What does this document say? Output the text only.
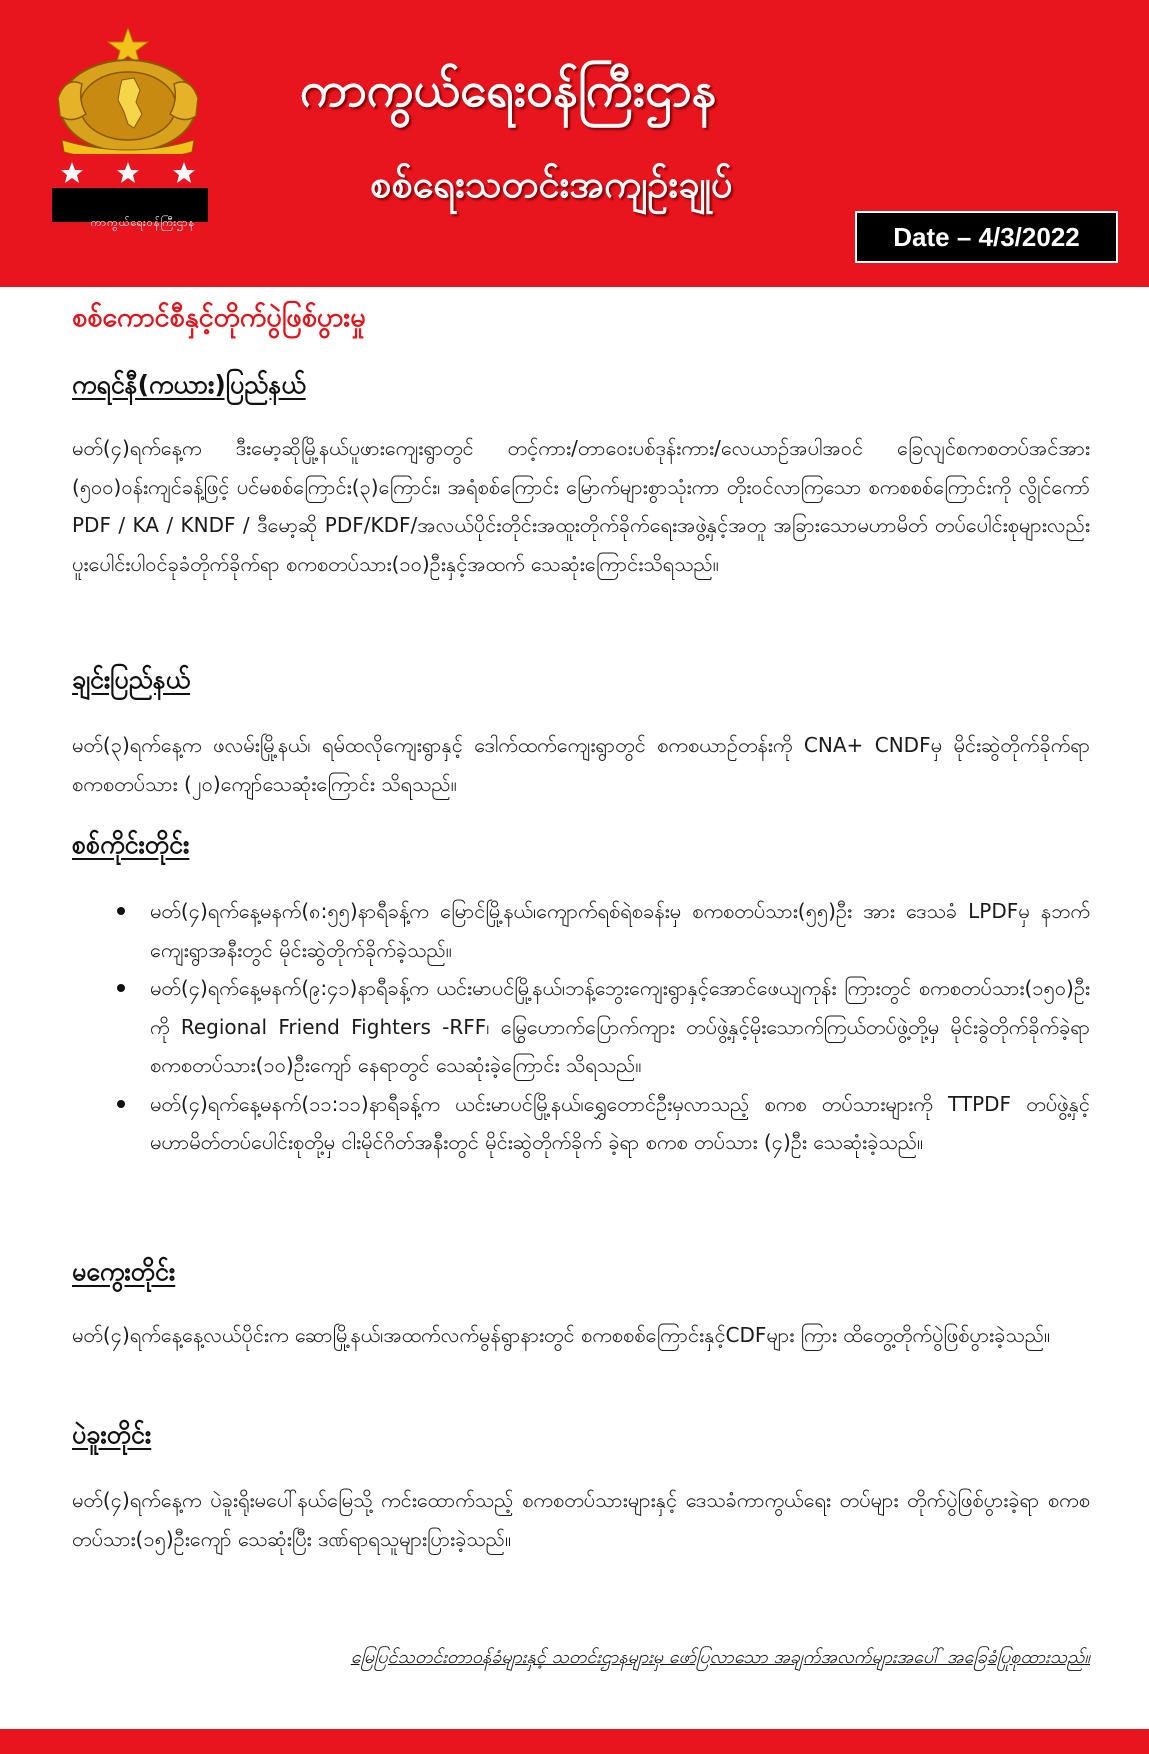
ကာကွယ်ရေးဝန်ကြီးဌာန
ကာကွယ်ရေးဝန်ကြီးဌာန
စစ်ရေးသတင်းအကျဉ်းချုပ်
Date – 4/3/2022
စစ်ကောင်စီနှင့်တိုက်ပွဲဖြစ်ပွားမှု
ကရင်နီ(ကယား)ပြည်နယ်

မတ်(၄)ရက်နေ့က ဒီးမော့ဆိုမြို့နယ်ပူဖားကျေးရွာတွင် တင့်ကား/တာဝေးပစ်ဒုန်းကား/လေယာဉ်အပါအဝင် ခြေလျင်စကစတပ်အင်အား (၅၀၀)ဝန်းကျင်ခန့်ဖြင့် ပင်မစစ်ကြောင်း(၃)ကြောင်း၊ အရံစစ်ကြောင်း မြောက်များစွာသုံးကာ တိုးဝင်လာကြသော စကစစစ်ကြောင်းကို လွိုင်ကော် PDF / KA / KNDF / ဒီမော့ဆို PDF/KDF/အလယ်ပိုင်းတိုင်းအထူးတိုက်ခိုက်ရေးအဖွဲ့နှင့်အတူ အခြားသောမဟာမိတ် တပ်ပေါင်းစုများလည်း ပူးပေါင်းပါဝင်ခုခံတိုက်ခိုက်ရာ စကစတပ်သား(၁၀)ဦးနှင့်အထက် သေဆုံးကြောင်းသိရသည်။

ချင်းပြည်နယ်

မတ်(၃)ရက်နေ့က ဖလမ်းမြို့နယ်၊ ရမ်ထလိုကျေးရွာနှင့် ဒေါက်ထက်ကျေးရွာတွင် စကစယာဉ်တန်းကို CNA+ CNDFမှ မိုင်းဆွဲတိုက်ခိုက်ရာ စကစတပ်သား (၂၀)ကျော်သေဆုံးကြောင်း သိရသည်။

စစ်ကိုင်းတိုင်း
မတ်(၄)ရက်နေ့မနက်(၈:၅၅)နာရီခန့်က မြောင်မြို့နယ်၊ကျောက်ရစ်ရဲစခန်းမှ စကစတပ်သား(၅၅)ဦး အား ဒေသခံ LPDFမှ နဘက်ကျေးရွာအနီးတွင် မိုင်းဆွဲတိုက်ခိုက်ခဲ့သည်။
မတ်(၄)ရက်နေ့မနက်(၉:၄၁)နာရီခန့်က ယင်းမာပင်မြို့နယ်၊ဘန့်ဘွေးကျေးရွာနှင့်အောင်ဖေယျကုန်း ကြားတွင် စကစတပ်သား(၁၅၀)ဦးကို Regional Friend Fighters -RFF၊ မြွေဟောက်ပြောက်ကျား တပ်ဖွဲ့နှင့်မိုးသောက်ကြယ်တပ်ဖွဲ့တို့မှ မိုင်းခွဲတိုက်ခိုက်ခဲ့ရာ စကစတပ်သား(၁၀)ဦးကျော် နေရာတွင် သေဆုံးခဲ့ကြောင်း သိရသည်။
မတ်(၄)ရက်နေ့မနက်(၁၁:၁၁)နာရီခန့်က ယင်းမာပင်မြို့နယ်၊ရွှေတောင်ဦးမှလာသည့် စကစ တပ်သားများကို TTPDF တပ်ဖွဲ့နှင့် မဟာမိတ်တပ်ပေါင်းစုတို့မှ ငါးမိုင်ဂိတ်အနီးတွင် မိုင်းဆွဲတိုက်ခိုက် ခဲ့ရာ စကစ တပ်သား (၄)ဦး သေဆုံးခဲ့သည်။
မကွေးတိုင်း

မတ်(၄)ရက်နေ့နေ့လယ်ပိုင်းက ဆောမြို့နယ်၊အထက်လက်မွန်ရွာနားတွင် စကစစစ်ကြောင်းနှင့်CDFများ ကြား ထိတွေ့တိုက်ပွဲဖြစ်ပွားခဲ့သည်။

ပဲခူးတိုင်း

မတ်(၄)ရက်နေ့က ပဲခူးရိုးမပေါ်နယ်မြေသို့ ကင်းထောက်သည့် စကစတပ်သားများနှင့် ဒေသခံကာကွယ်ရေး တပ်များ တိုက်ပွဲဖြစ်ပွားခဲ့ရာ စကစတပ်သား(၁၅)ဦးကျော် သေဆုံးပြီး ဒဏ်ရာရသူများပြားခဲ့သည်။

မြေပြင်သတင်းတာဝန်ခံများနှင့် သတင်းဌာနများမှ ဖော်ပြလာသော အချက်အလက်များအပေါ် အခြေခံပြုစုထားသည်။
